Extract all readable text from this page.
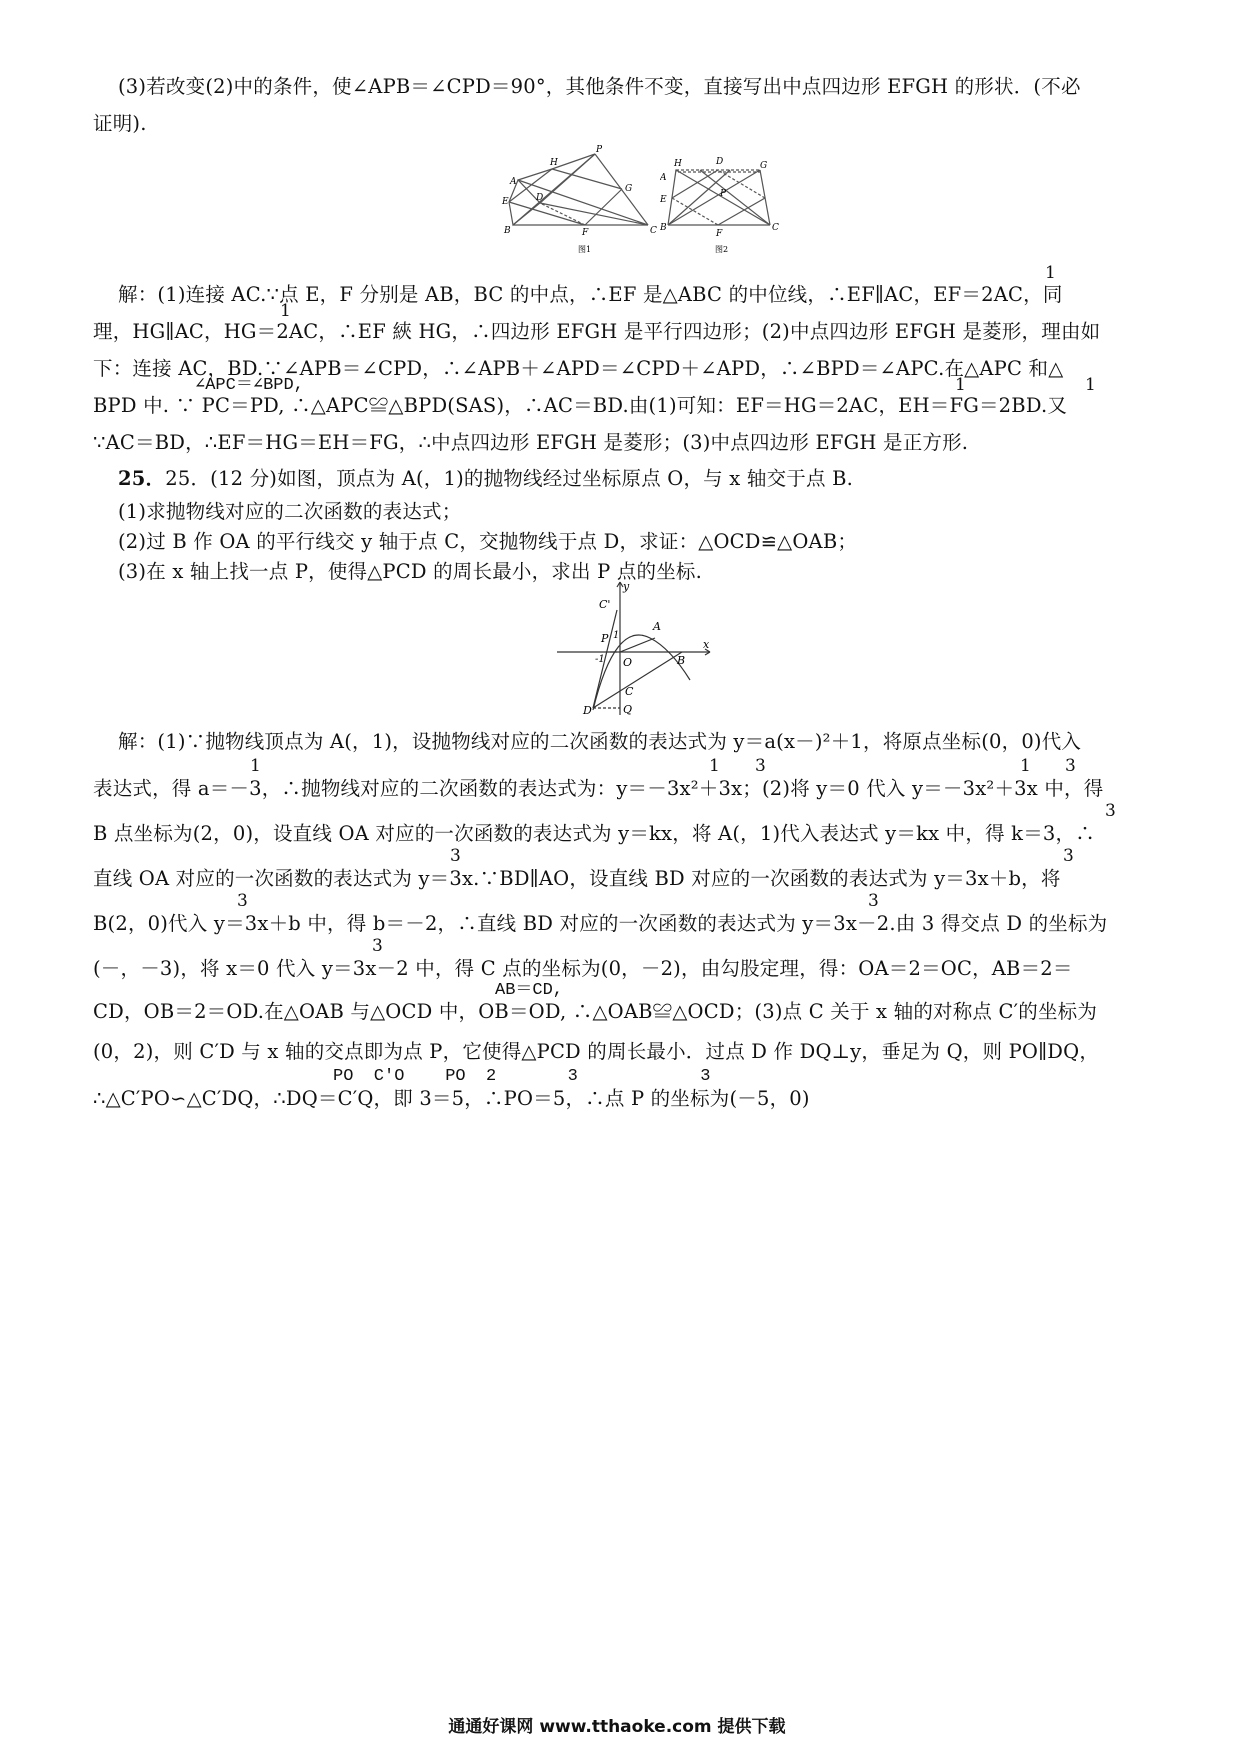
(3)若改变(2)中的条件，使∠APB＝∠CPD＝90°，其他条件不变，直接写出中点四边形 EFGH 的形状．(不必
证明).
P
H
A
D
E
G
B	F	C
图1
H	D	G
A
P
E
B
F
C
图2
1
解：(1)连接 AC.∵点 E，F 分别是 AB，BC 的中点，∴EF 是△ABC 的中位线，∴EF∥AC，EF＝2AC，同
1
理，HG∥AC，HG＝2AC，∴EF 綊 HG，∴四边形 EFGH 是平行四边形；(2)中点四边形 EFGH 是菱形，理由如
下：连接 AC，BD.∵∠APB＝∠CPD，∴∠APB＋∠APD＝∠CPD＋∠APD，∴∠BPD＝∠APC.在△APC 和△
∠APC＝∠BPD,	1	1
BPD 中. ∵ PC＝PD, ∴△APC≌△BPD(SAS)，∴AC＝BD.由(1)可知：EF＝HG＝2AC，EH＝FG＝2BD.又
∵AC＝BD，∴EF＝HG＝EH＝FG，∴中点四边形 EFGH 是菱形；(3)中点四边形 EFGH 是正方形.
25．25．(12 分)如图，顶点为 A(，1)的抛物线经过坐标原点 O，与 x 轴交于点 B.
(1)求抛物线对应的二次函数的表达式；
(2)过 B 作 OA 的平行线交 y 轴于点 C，交抛物线于点 D，求证：△OCD≌△OAB；
(3)在 x 轴上找一点 P，使得△PCD 的周长最小，求出 P 点的坐标.
y
C'
A
P 1
-1 O	B
x
C
D	Q
解：(1)∵抛物线顶点为 A(，1)，设抛物线对应的二次函数的表达式为 y＝a(x－)²＋1，将原点坐标(0，0)代入
1	1 3	1 3
表达式，得 a＝－3，∴抛物线对应的二次函数的表达式为：y＝－3x²＋3x；(2)将 y＝0 代入 y＝－3x²＋3x 中，得
3
B 点坐标为(2，0)，设直线 OA 对应的一次函数的表达式为 y＝kx，将 A(，1)代入表达式 y＝kx 中，得 k＝3，∴
3	3
直线 OA 对应的一次函数的表达式为 y＝3x.∵BD∥AO，设直线 BD 对应的一次函数的表达式为 y＝3x＋b，将
3	3
B(2，0)代入 y＝3x＋b 中，得 b＝－2，∴直线 BD 对应的一次函数的表达式为 y＝3x－2.由 3 得交点 D 的坐标为
3
(－，－3)，将 x＝0 代入 y＝3x－2 中，得 C 点的坐标为(0，－2)，由勾股定理，得：OA＝2＝OC，AB＝2＝
AB＝CD,
CD，OB＝2＝OD.在△OAB 与△OCD 中，OB＝OD, ∴△OAB≌△OCD；(3)点 C 关于 x 轴的对称点 C′的坐标为
(0，2)，则 C′D 与 x 轴的交点即为点 P，它使得△PCD 的周长最小．过点 D 作 DQ⊥y，垂足为 Q，则 PO∥DQ，
PO  C′O    PO  2       3            3
∴△C′PO∽△C′DQ，∴DQ＝C′Q，即 3＝5，∴PO＝5，∴点 P 的坐标为(－5，0)
通通好课网 www.tthaoke.com 提供下载
